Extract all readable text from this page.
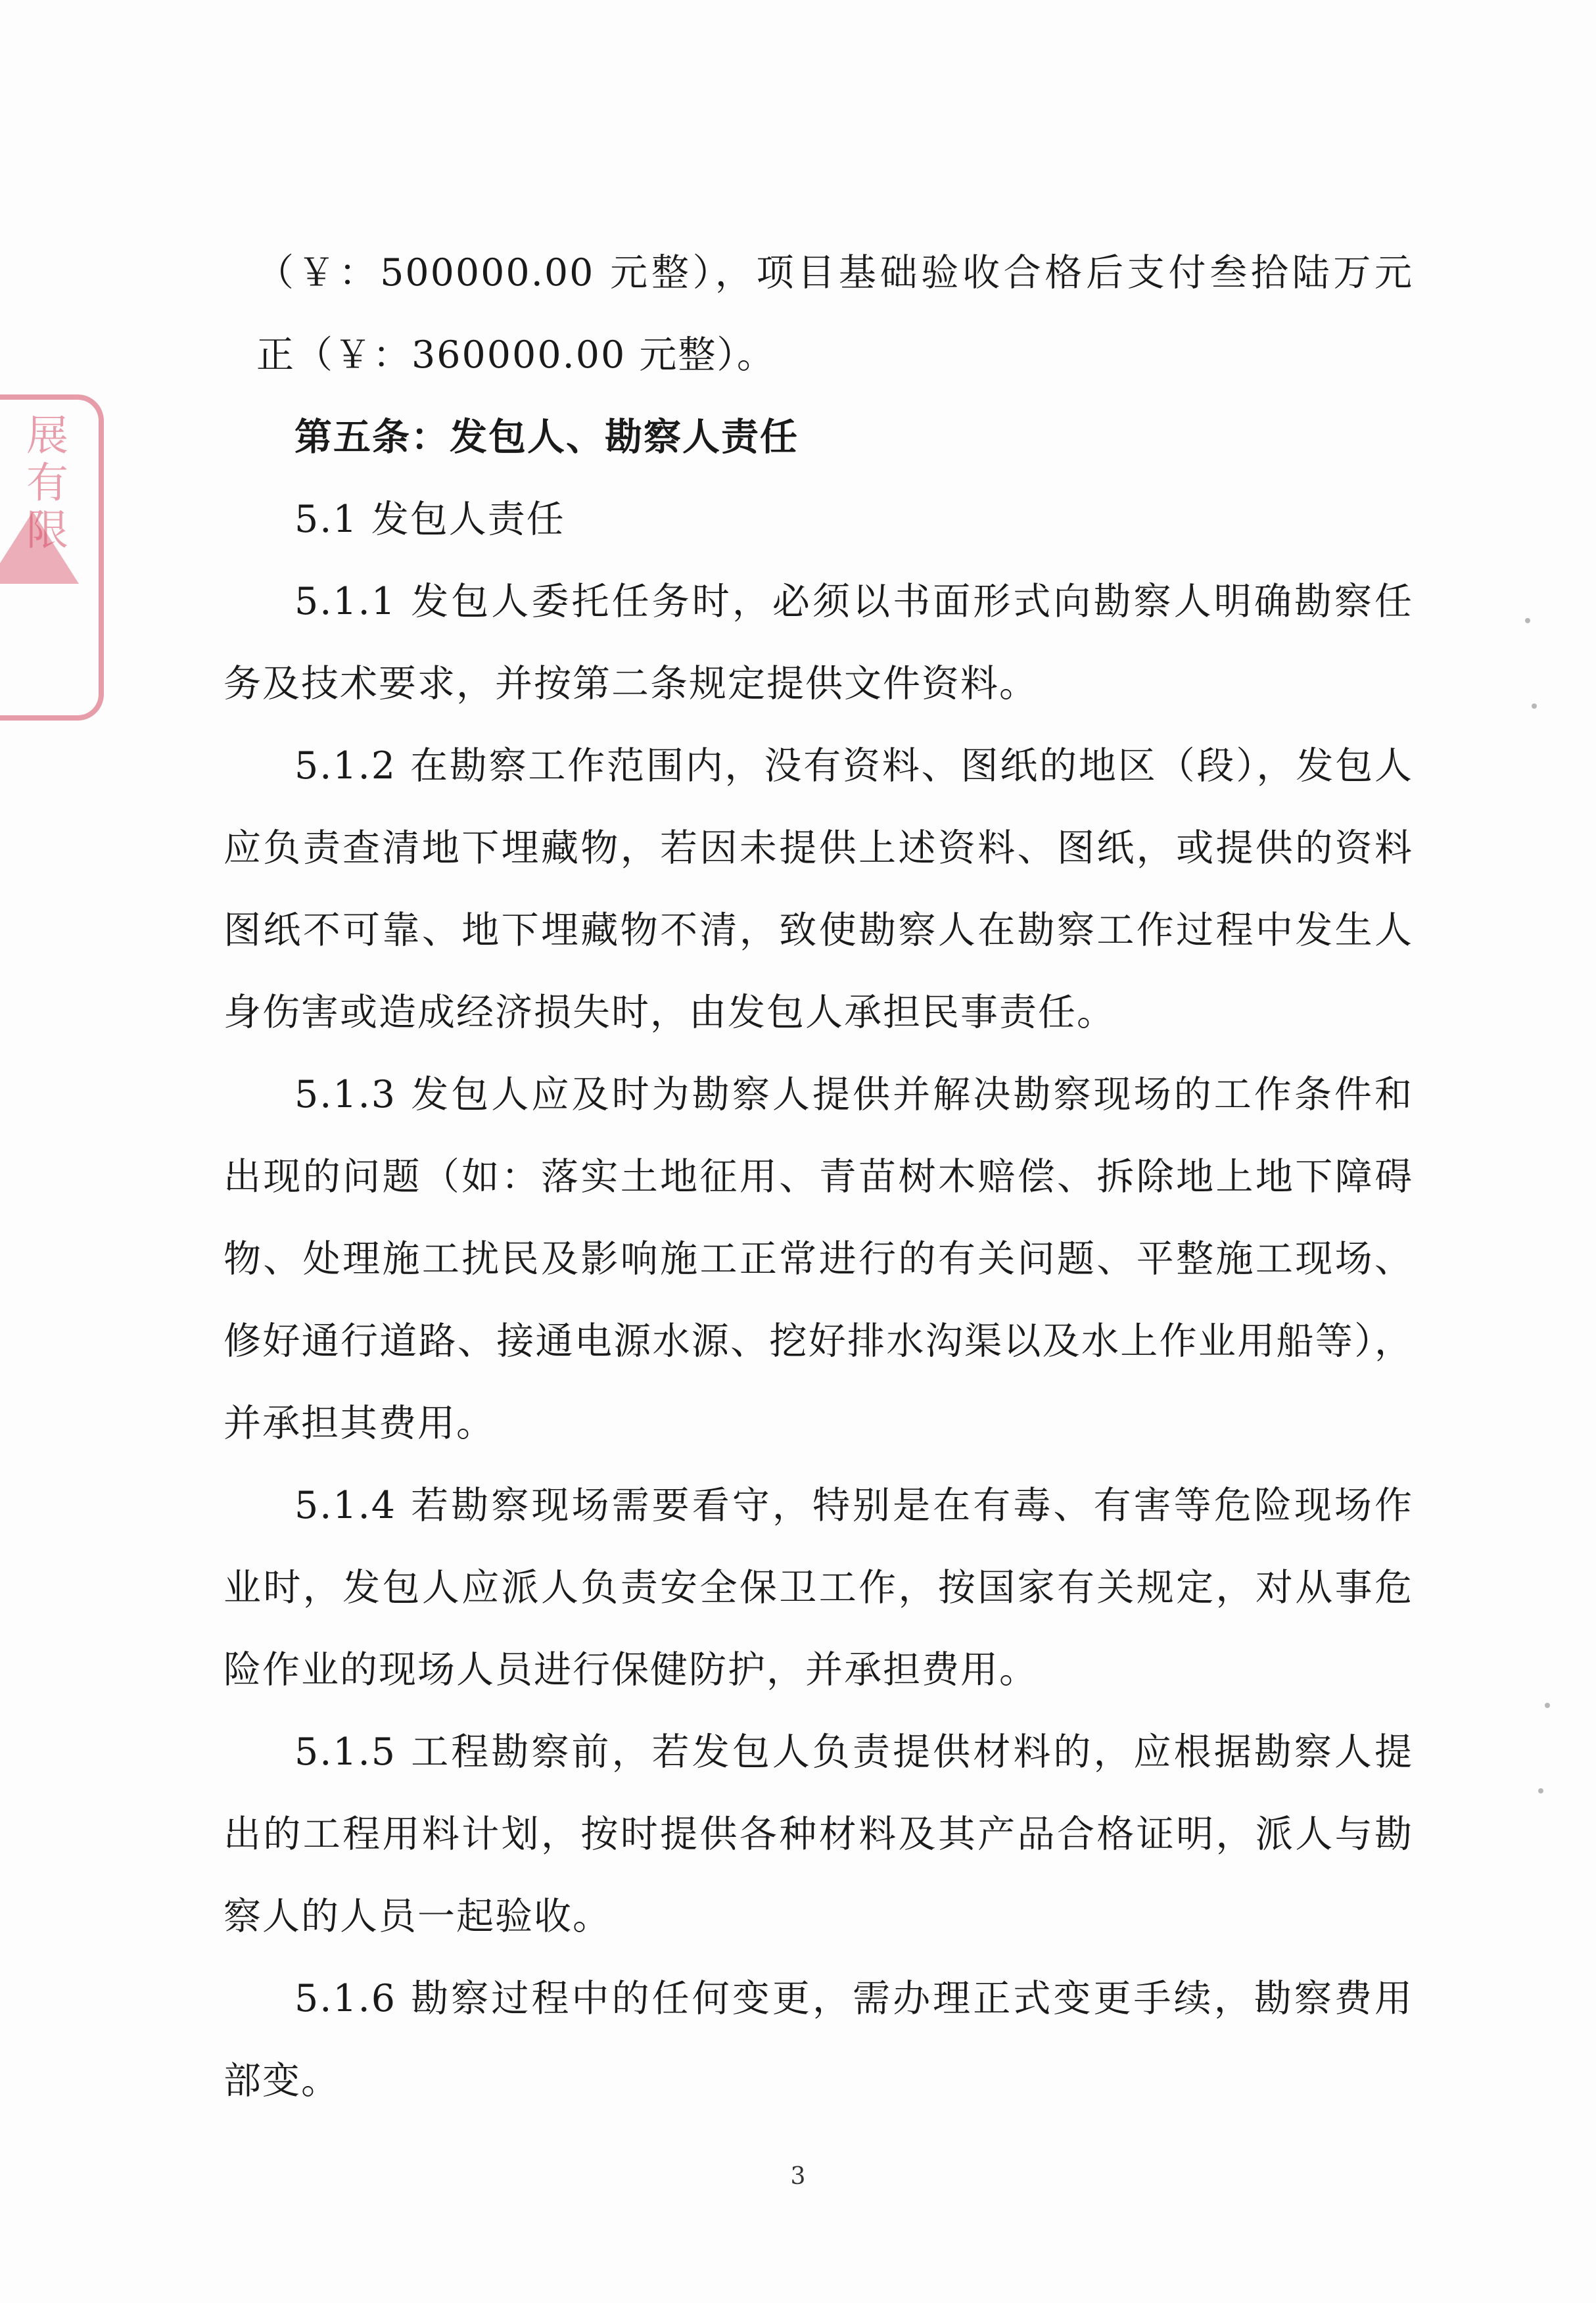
展有限
（￥：500000.00 元整），项目基础验收合格后支付叁拾陆万元
正（￥：360000.00 元整）。
第五条：发包人、勘察人责任
5.1 发包人责任
5.1.1 发包人委托任务时，必须以书面形式向勘察人明确勘察任
务及技术要求，并按第二条规定提供文件资料。
5.1.2 在勘察工作范围内，没有资料、图纸的地区（段），发包人
应负责查清地下埋藏物，若因未提供上述资料、图纸，或提供的资料
图纸不可靠、地下埋藏物不清，致使勘察人在勘察工作过程中发生人
身伤害或造成经济损失时，由发包人承担民事责任。
5.1.3 发包人应及时为勘察人提供并解决勘察现场的工作条件和
出现的问题（如：落实土地征用、青苗树木赔偿、拆除地上地下障碍
物、处理施工扰民及影响施工正常进行的有关问题、平整施工现场、
修好通行道路、接通电源水源、挖好排水沟渠以及水上作业用船等），
并承担其费用。
5.1.4 若勘察现场需要看守，特别是在有毒、有害等危险现场作
业时，发包人应派人负责安全保卫工作，按国家有关规定，对从事危
险作业的现场人员进行保健防护，并承担费用。
5.1.5 工程勘察前，若发包人负责提供材料的，应根据勘察人提
出的工程用料计划，按时提供各种材料及其产品合格证明，派人与勘
察人的人员一起验收。
5.1.6 勘察过程中的任何变更，需办理正式变更手续，勘察费用
部变。
3
